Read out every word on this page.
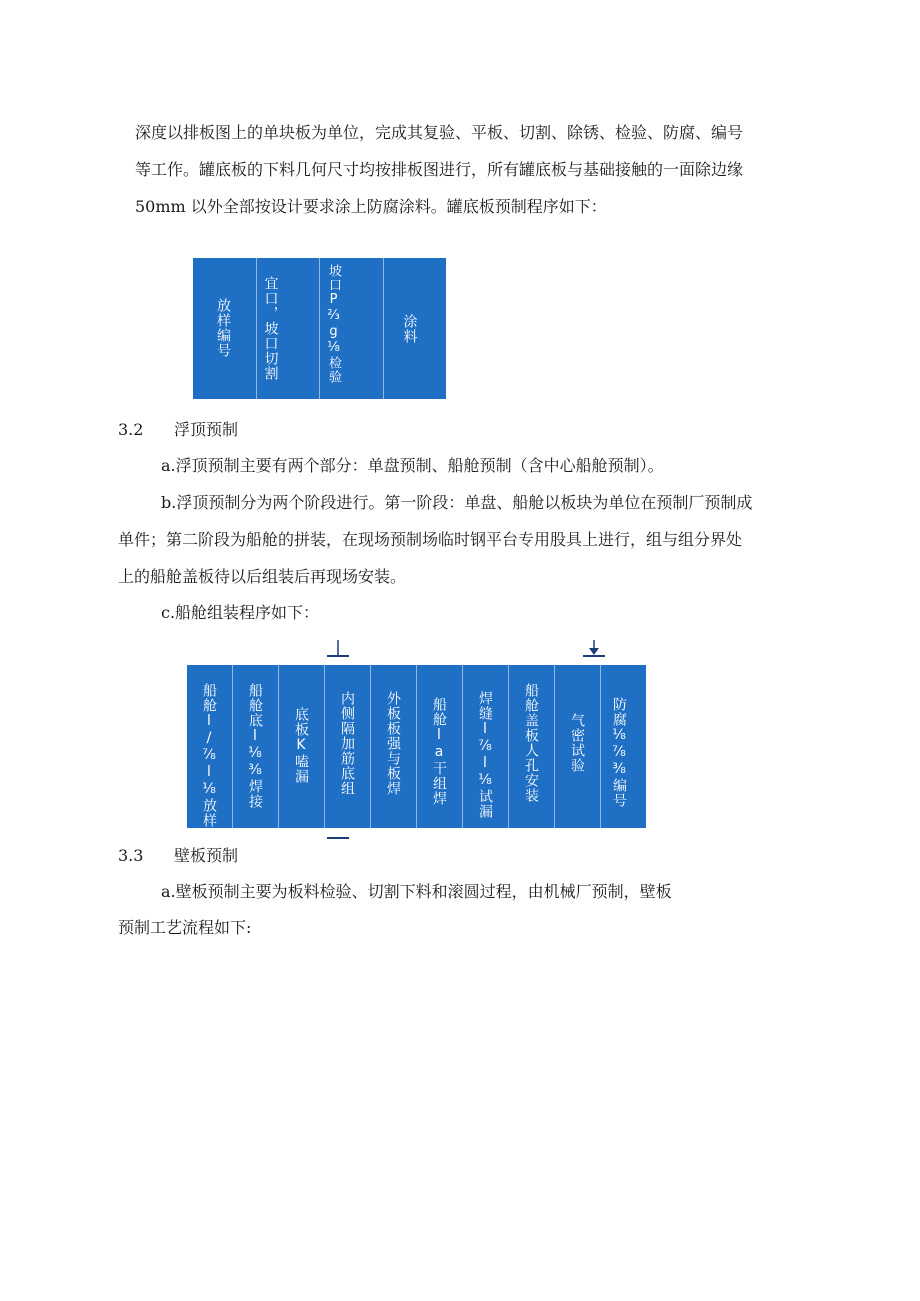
深度以排板图上的单块板为单位，完成其复验、平板、切割、除锈、检验、防腐、编号
等工作。罐底板的下料几何尺寸均按排板图进行，所有罐底板与基础接触的一面除边缘
50mm 以外全部按设计要求涂上防腐涂料。罐底板预制程序如下：
放样编号 宜口，坡口切割	坡口P⅔g⅛检验	涂料
3.2 浮顶预制
a.浮顶预制主要有两个部分：单盘预制、船舱预制（含中心船舱预制）。
b.浮顶预制分为两个阶段进行。第一阶段：单盘、船舱以板块为单位在预制厂预制成
单件；第二阶段为船舱的拼装，在现场预制场临时钢平台专用股具上进行，组与组分界处
上的船舱盖板待以后组装后再现场安装。
c.船舱组装程序如下：
船舱l/⅞l⅛放样 船舱底l⅛⅜焊接 底板K嗑漏 内侧隔加筋底组 外板板强与板焊 船舱la干组焊 焊缝l⅞l⅛试漏 船舱盖板人孔安装 气密试验 防腐⅛⅞⅜编号
3.3 壁板预制
a.壁板预制主要为板料检验、切割下料和滚圆过程，由机械厂预制，壁板
预制工艺流程如下:
